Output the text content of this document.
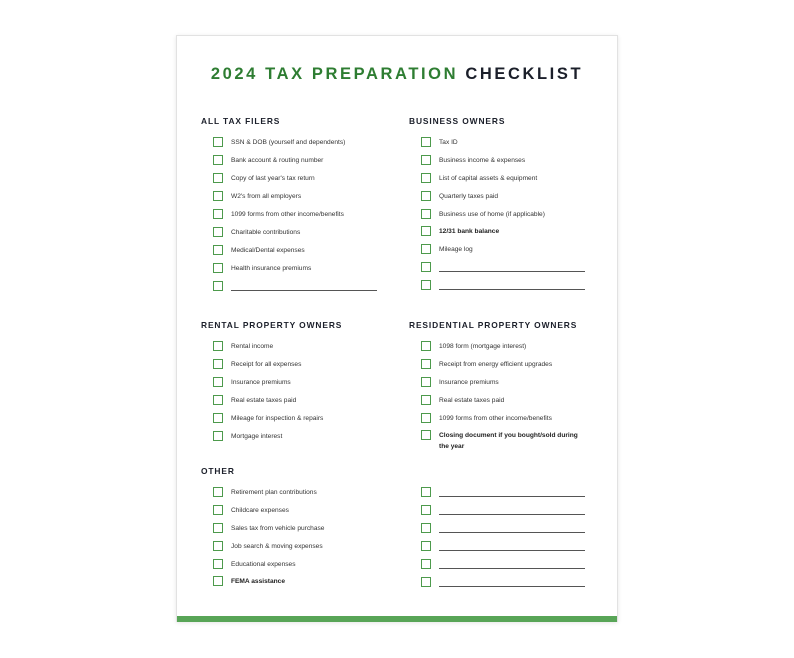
2024 TAX PREPARATION CHECKLIST
ALL TAX FILERS
SSN & DOB (yourself and dependents)
Bank account & routing number
Copy of last year's tax return
W2's from all employers
1099 forms from other income/benefits
Charitable contributions
Medical/Dental expenses
Health insurance premiums
BUSINESS OWNERS
Tax ID
Business income & expenses
List of capital assets & equipment
Quarterly taxes paid
Business use of home (if applicable)
12/31 bank balance
Mileage log
RENTAL PROPERTY OWNERS
Rental income
Receipt for all expenses
Insurance premiums
Real estate taxes paid
Mileage for inspection & repairs
Mortgage interest
RESIDENTIAL PROPERTY OWNERS
1098 form (mortgage interest)
Receipt from energy efficient upgrades
Insurance premiums
Real estate taxes paid
1099 forms from other income/benefits
Closing document if you bought/sold during the year
OTHER
Retirement plan contributions
Childcare expenses
Sales tax from vehicle purchase
Job search & moving expenses
Educational expenses
FEMA assistance
